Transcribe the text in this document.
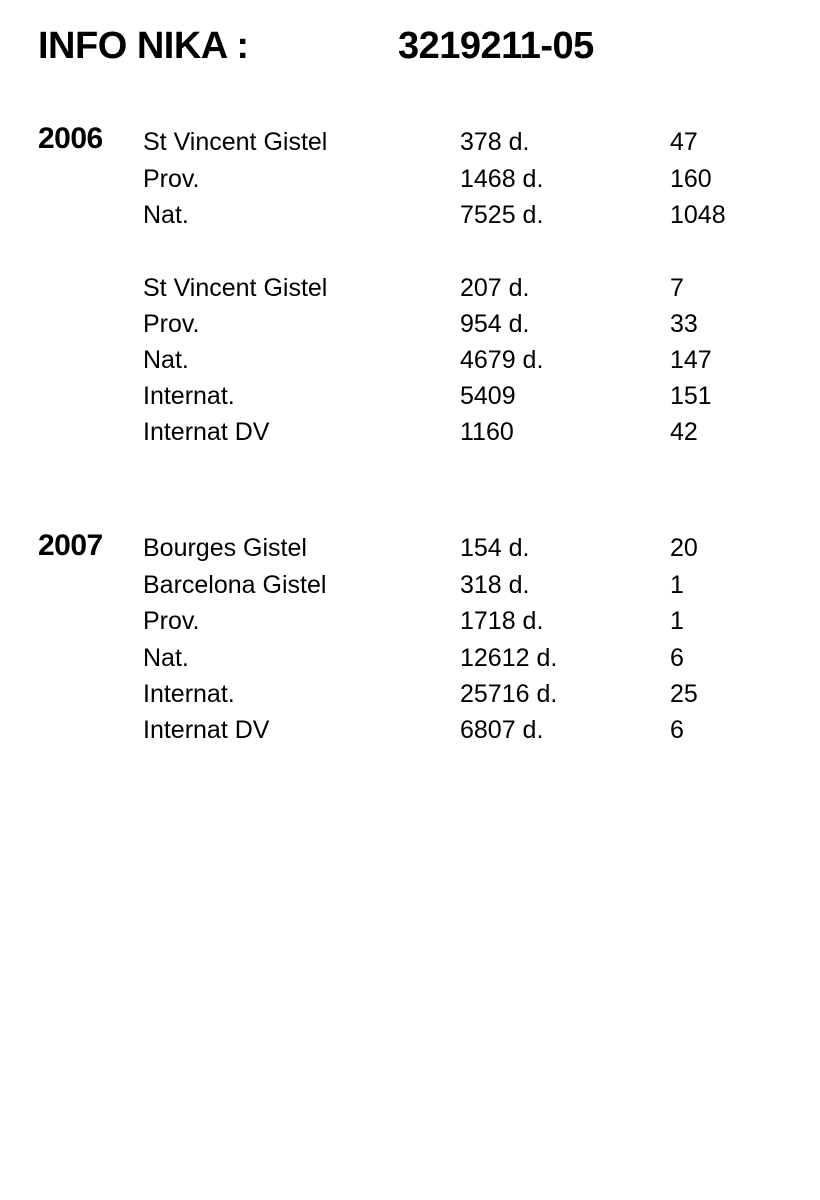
INFO NIKA :	3219211-05
2006 St Vincent Gistel	378 d.	47
Prov.	1468 d.	160
Nat.	7525 d.	1048
St Vincent Gistel	207 d.	7
Prov.	954 d.	33
Nat.	4679 d.	147
Internat.	5409	151
Internat DV	1160	42
2007 Bourges Gistel	154 d.	20
Barcelona Gistel	318 d.	1
Prov.	1718 d.	1
Nat.	12612 d.	6
Internat.	25716 d.	25
Internat DV	6807 d.	6
